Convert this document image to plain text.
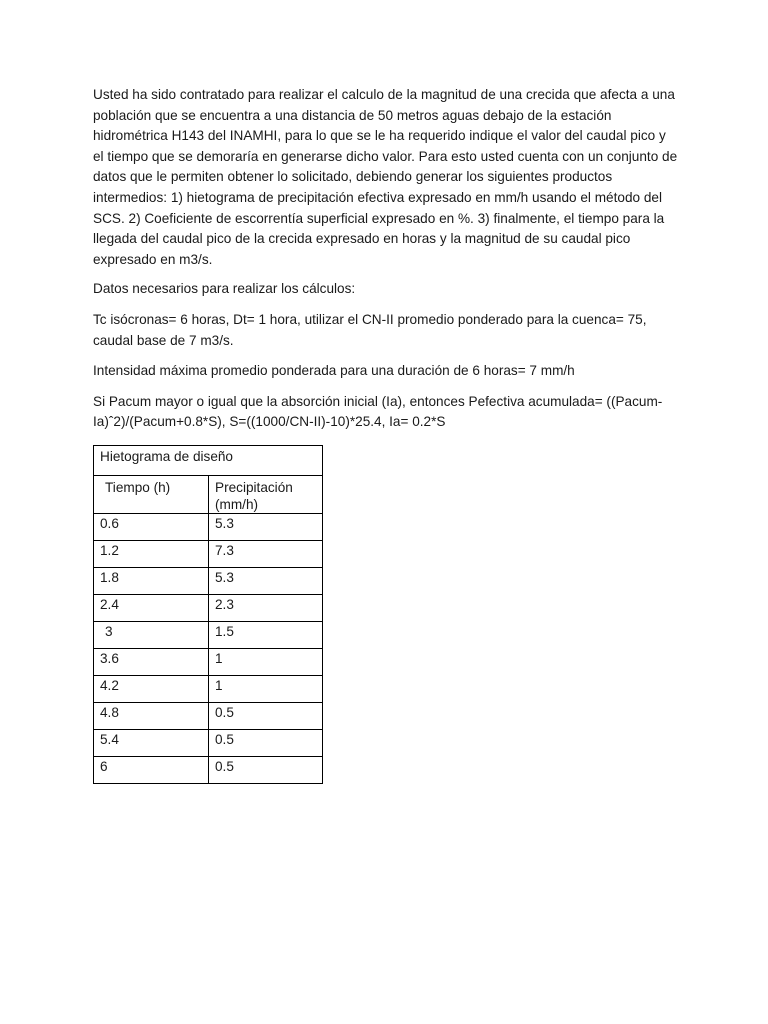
Usted ha sido contratado para realizar el calculo de la magnitud de una crecida que afecta a una población que se encuentra a una distancia de 50 metros aguas debajo de la estación hidrométrica H143 del INAMHI, para lo que se le ha requerido indique el valor del caudal pico y el tiempo que se demoraría en generarse dicho valor. Para esto usted cuenta con un conjunto de datos que le permiten obtener lo solicitado, debiendo generar los siguientes productos intermedios: 1) hietograma de precipitación efectiva expresado en mm/h usando el método del SCS. 2) Coeficiente de escorrentía superficial expresado en %. 3) finalmente, el tiempo para la llegada del caudal pico de la crecida expresado en horas y la magnitud de su caudal pico expresado en m3/s.

Datos necesarios para realizar los cálculos:

Tc isócronas= 6 horas, Dt= 1 hora, utilizar el CN-II promedio ponderado para la cuenca= 75, caudal base de 7 m3/s.

Intensidad máxima promedio ponderada para una duración de 6 horas= 7 mm/h

Si Pacum mayor o igual que la absorción inicial (Ia), entonces Pefectiva acumulada= ((Pacum-Ia)ˆ2)/(Pacum+0.8*S), S=((1000/CN-II)-10)*25.4, Ia= 0.2*S

Hietograma de diseño	
Tiempo (h)	Precipitación (mm/h)
0.6	5.3
1.2	7.3
1.8	5.3
2.4	2.3
3	1.5
3.6	1
4.2	1
4.8	0.5
5.4	0.5
6	0.5
